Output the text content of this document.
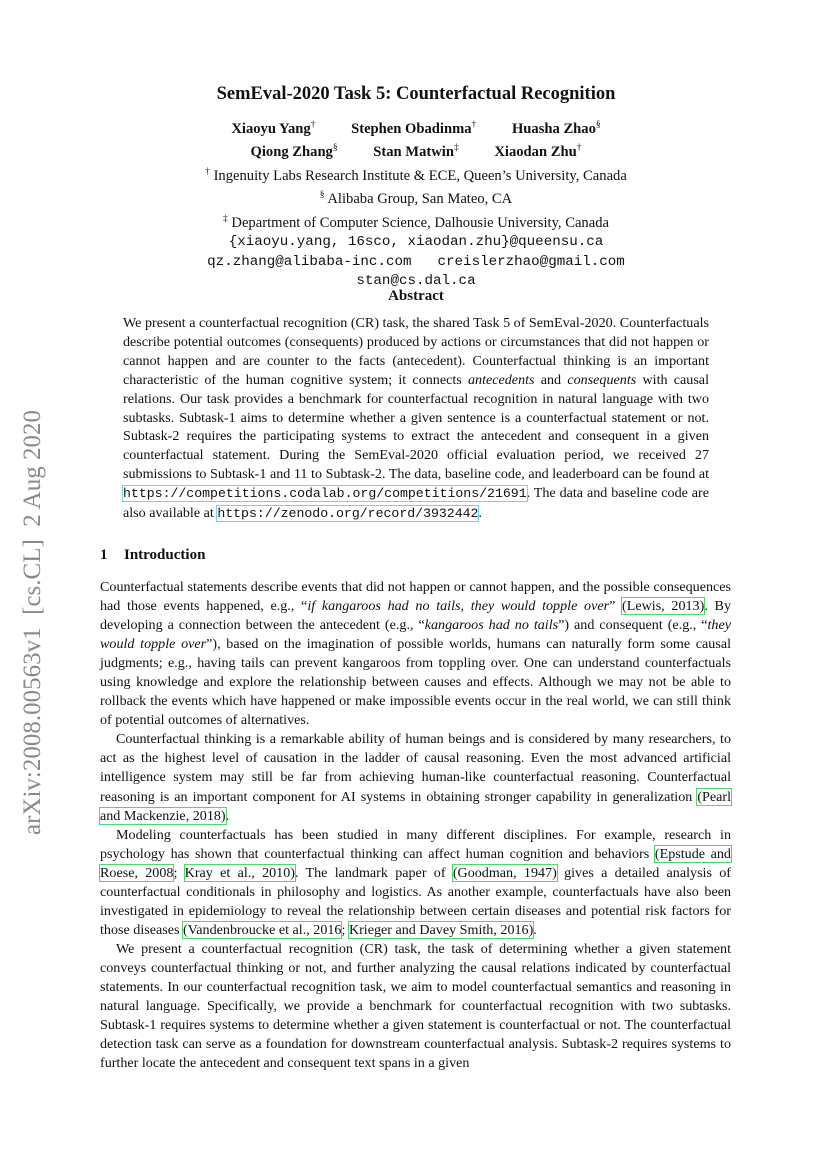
arXiv:2008.00563v1  [cs.CL]  2 Aug 2020
SemEval-2020 Task 5: Counterfactual Recognition
Xiaoyu Yang† Stephen Obadinma† Huasha Zhao§
Qiong Zhang§ Stan Matwin‡ Xiaodan Zhu†
† Ingenuity Labs Research Institute & ECE, Queen’s University, Canada
§ Alibaba Group, San Mateo, CA
‡ Department of Computer Science, Dalhousie University, Canada
{xiaoyu.yang, 16sco, xiaodan.zhu}@queensu.ca
qz.zhang@alibaba-inc.com creislerzhao@gmail.com
stan@cs.dal.ca
Abstract
We present a counterfactual recognition (CR) task, the shared Task 5 of SemEval-2020. Counterfactuals describe potential outcomes (consequents) produced by actions or circumstances that did not happen or cannot happen and are counter to the facts (antecedent). Counterfactual thinking is an important characteristic of the human cognitive system; it connects antecedents and consequents with causal relations. Our task provides a benchmark for counterfactual recognition in natural language with two subtasks. Subtask-1 aims to determine whether a given sentence is a counterfactual statement or not. Subtask-2 requires the participating systems to extract the antecedent and consequent in a given counterfactual statement. During the SemEval-2020 official evaluation period, we received 27 submissions to Subtask-1 and 11 to Subtask-2. The data, baseline code, and leaderboard can be found at https://competitions.codalab.org/competitions/21691. The data and baseline code are also available at https://zenodo.org/record/3932442.
1 Introduction

Counterfactual statements describe events that did not happen or cannot happen, and the possible consequences had those events happened, e.g., “if kangaroos had no tails, they would topple over” (Lewis, 2013). By developing a connection between the antecedent (e.g., “kangaroos had no tails”) and consequent (e.g., “they would topple over”), based on the imagination of possible worlds, humans can naturally form some causal judgments; e.g., having tails can prevent kangaroos from toppling over. One can understand counterfactuals using knowledge and explore the relationship between causes and effects. Although we may not be able to rollback the events which have happened or make impossible events occur in the real world, we can still think of potential outcomes of alternatives.

Counterfactual thinking is a remarkable ability of human beings and is considered by many researchers, to act as the highest level of causation in the ladder of causal reasoning. Even the most advanced artificial intelligence system may still be far from achieving human-like counterfactual reasoning. Counterfactual reasoning is an important component for AI systems in obtaining stronger capability in generalization (Pearl and Mackenzie, 2018).

Modeling counterfactuals has been studied in many different disciplines. For example, research in psychology has shown that counterfactual thinking can affect human cognition and behaviors (Epstude and Roese, 2008; Kray et al., 2010). The landmark paper of (Goodman, 1947) gives a detailed analysis of counterfactual conditionals in philosophy and logistics. As another example, counterfactuals have also been investigated in epidemiology to reveal the relationship between certain diseases and potential risk factors for those diseases (Vandenbroucke et al., 2016; Krieger and Davey Smith, 2016).

We present a counterfactual recognition (CR) task, the task of determining whether a given statement conveys counterfactual thinking or not, and further analyzing the causal relations indicated by counterfactual statements. In our counterfactual recognition task, we aim to model counterfactual semantics and reasoning in natural language. Specifically, we provide a benchmark for counterfactual recognition with two subtasks. Subtask-1 requires systems to determine whether a given statement is counterfactual or not. The counterfactual detection task can serve as a foundation for downstream counterfactual analysis. Subtask-2 requires systems to further locate the antecedent and consequent text spans in a given
